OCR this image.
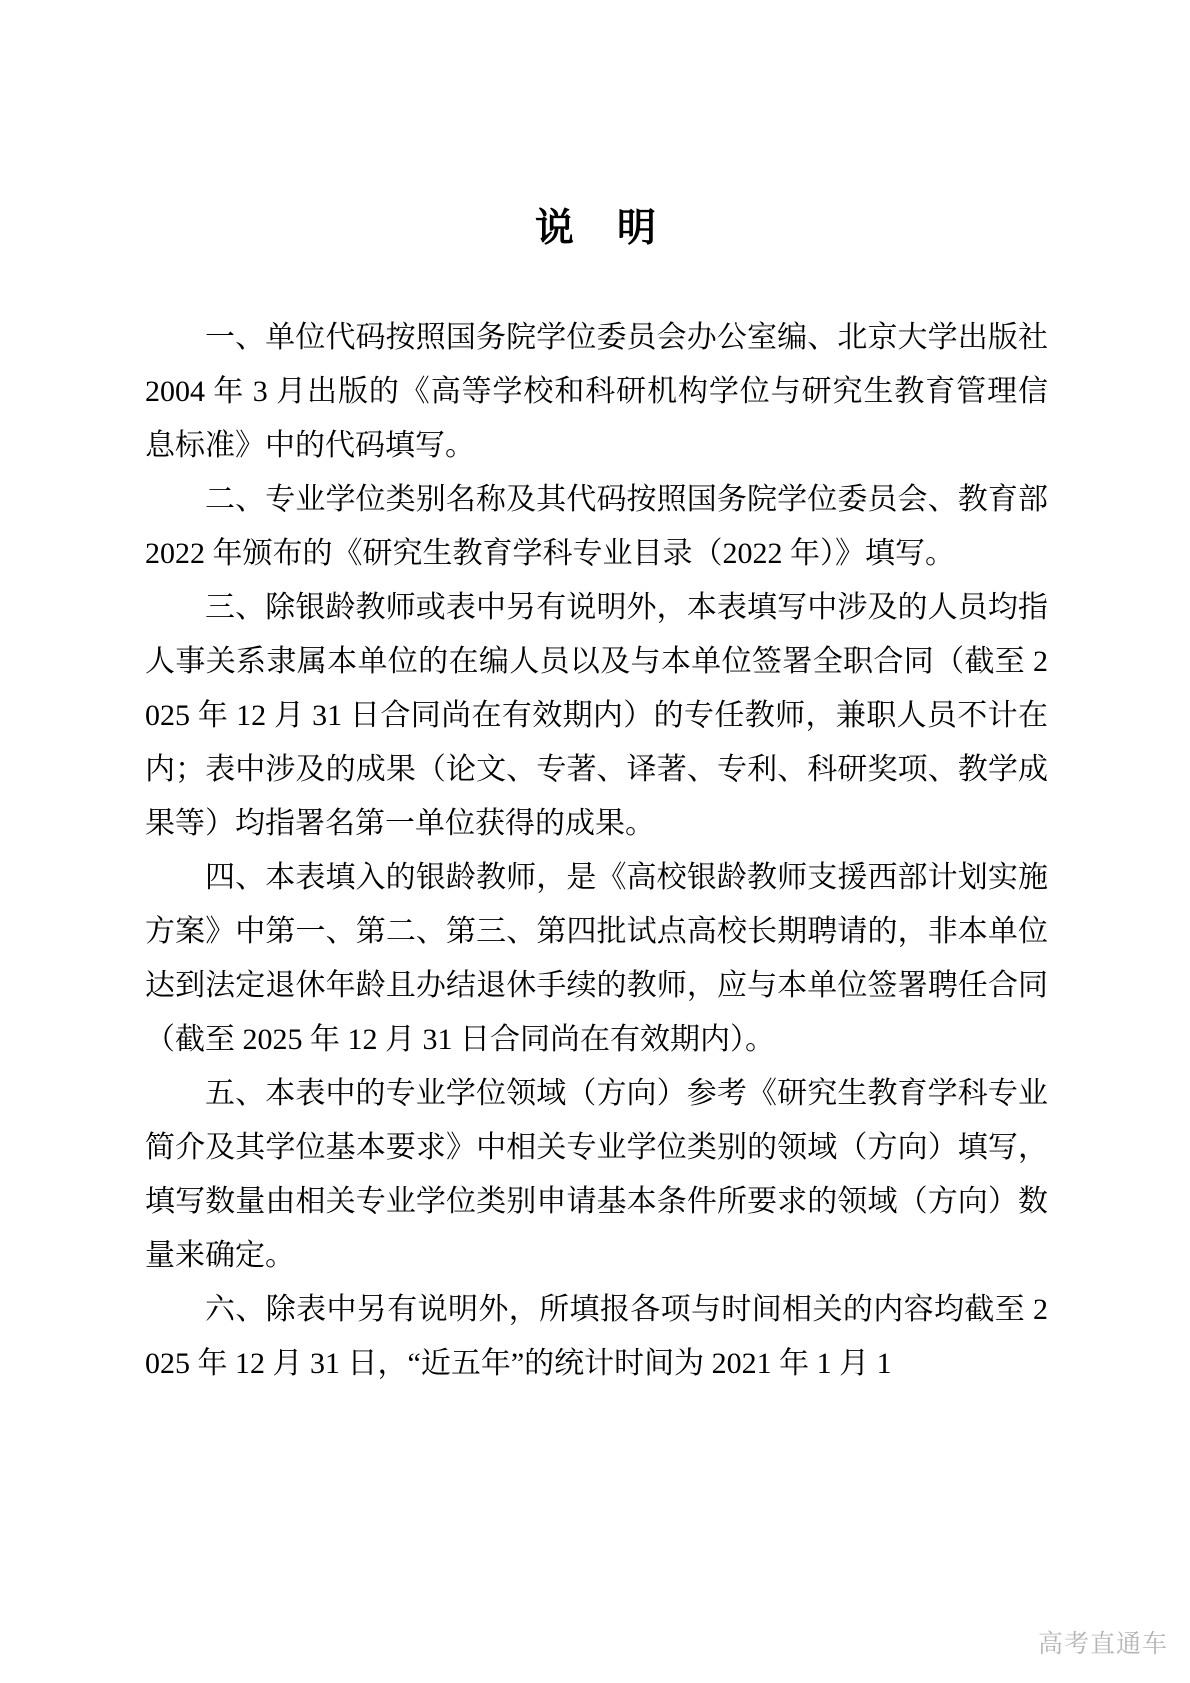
说　明

一、单位代码按照国务院学位委员会办公室编、北京大学出版社 2004 年 3 月出版的《高等学校和科研机构学位与研究生教育管理信息标准》中的代码填写。

二、专业学位类别名称及其代码按照国务院学位委员会、教育部 2022 年颁布的《研究生教育学科专业目录（2022 年）》填写。

三、除银龄教师或表中另有说明外，本表填写中涉及的人员均指人事关系隶属本单位的在编人员以及与本单位签署全职合同（截至 2025 年 12 月 31 日合同尚在有效期内）的专任教师，兼职人员不计在内；表中涉及的成果（论文、专著、译著、专利、科研奖项、教学成果等）均指署名第一单位获得的成果。

四、本表填入的银龄教师，是《高校银龄教师支援西部计划实施方案》中第一、第二、第三、第四批试点高校长期聘请的，非本单位达到法定退休年龄且办结退休手续的教师，应与本单位签署聘任合同（截至 2025 年 12 月 31 日合同尚在有效期内）。

五、本表中的专业学位领域（方向）参考《研究生教育学科专业简介及其学位基本要求》中相关专业学位类别的领域（方向）填写，填写数量由相关专业学位类别申请基本条件所要求的领域（方向）数量来确定。

六、除表中另有说明外，所填报各项与时间相关的内容均截至 2025 年 12 月 31 日，“近五年”的统计时间为 2021 年 1 月 1

高考直通车
